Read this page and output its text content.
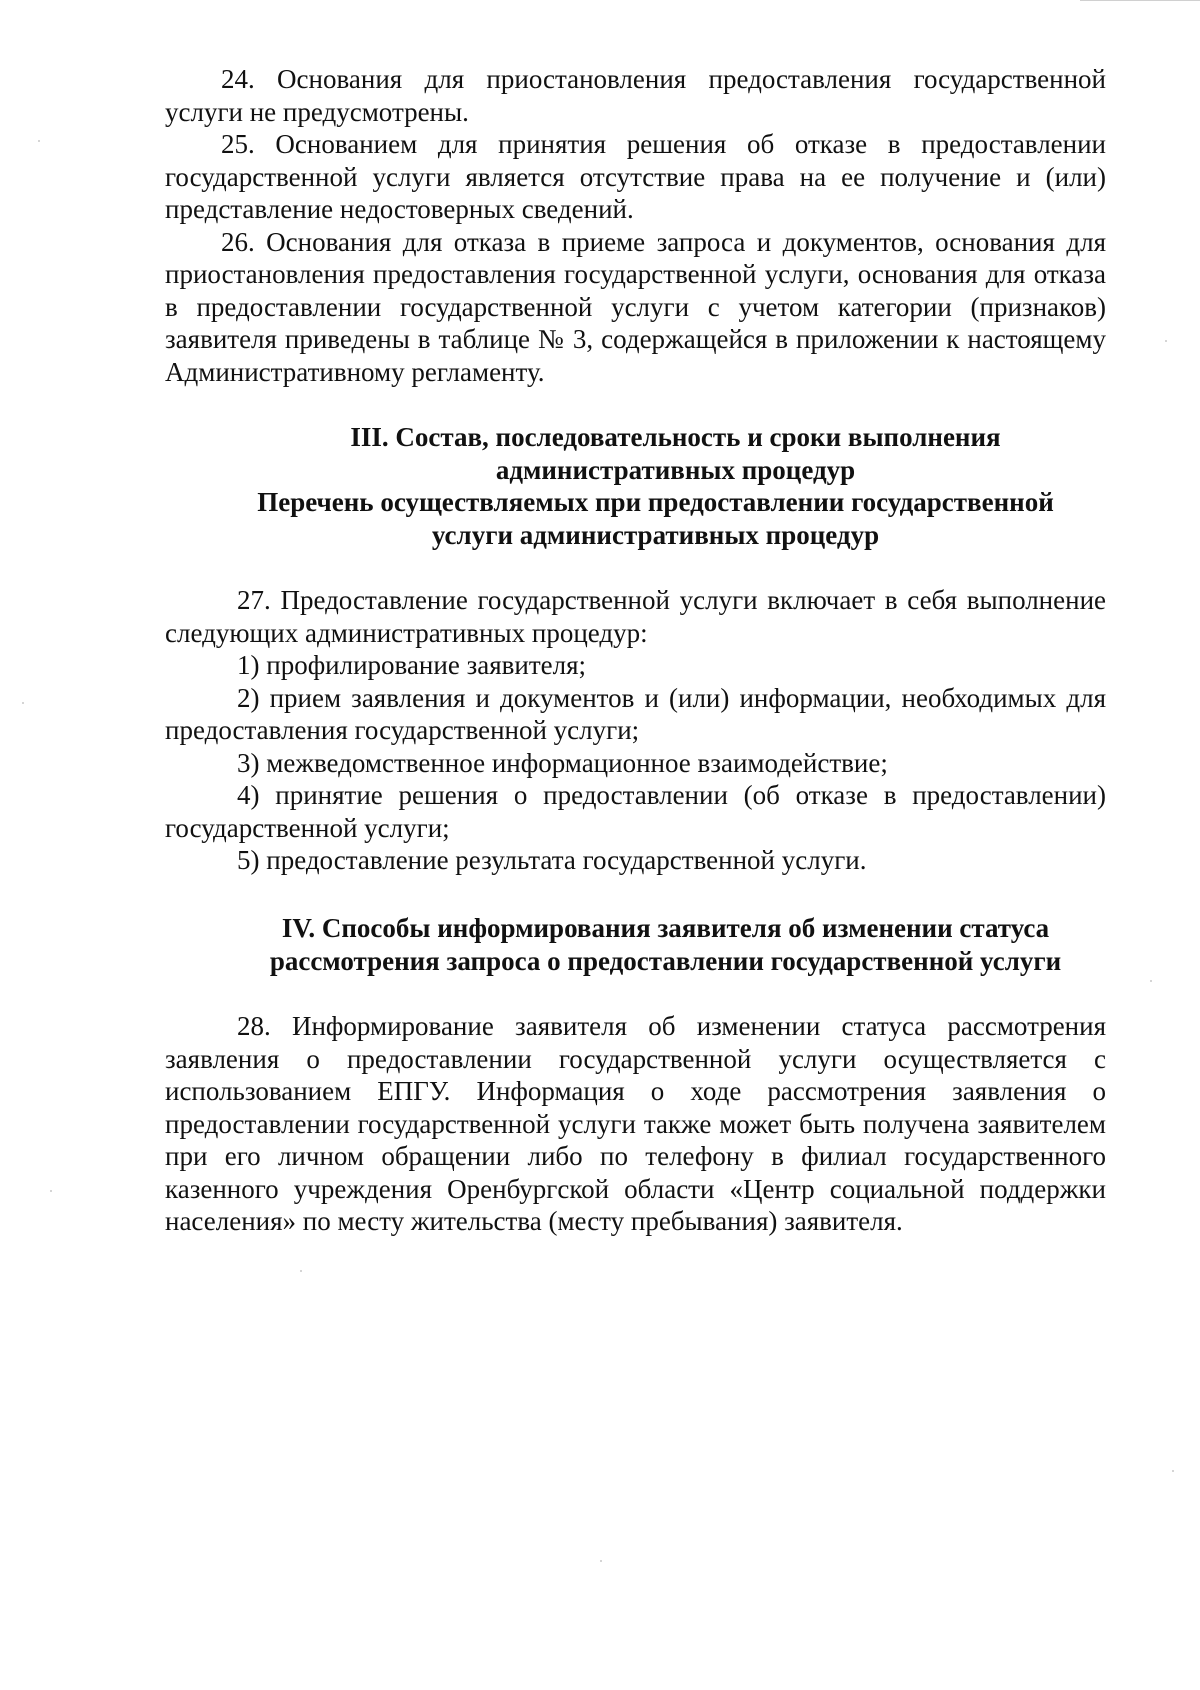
24. Основания для приостановления предоставления государственной услуги не предусмотрены.

25. Основанием для принятия решения об отказе в предоставлении государственной услуги является отсутствие права на ее получение и (или) представление недостоверных сведений.

26. Основания для отказа в приеме запроса и документов, основания для приостановления предоставления государственной услуги, основания для отказа в предоставлении государственной услуги с учетом категории (признаков) заявителя приведены в таблице № 3, содержащейся в приложении к настоящему Административному регламенту.

III. Состав, последовательность и сроки выполнения
административных процедур
Перечень осуществляемых при предоставлении государственной
услуги административных процедур

27. Предоставление государственной услуги включает в себя выполнение следующих административных процедур:

1) профилирование заявителя;

2) прием заявления и документов и (или) информации, необходимых для предоставления государственной услуги;

3) межведомственное информационное взаимодействие;

4) принятие решения о предоставлении (об отказе в предоставлении) государственной услуги;

5) предоставление результата государственной услуги.

IV. Способы информирования заявителя об изменении статуса
рассмотрения запроса о предоставлении государственной услуги

28. Информирование заявителя об изменении статуса рассмотрения заявления о предоставлении государственной услуги осуществляется с использованием ЕПГУ. Информация о ходе рассмотрения заявления о предоставлении государственной услуги также может быть получена заявителем при его личном обращении либо по телефону в филиал государственного казенного учреждения Оренбургской области «Центр социальной поддержки населения» по месту жительства (месту пребывания) заявителя.
